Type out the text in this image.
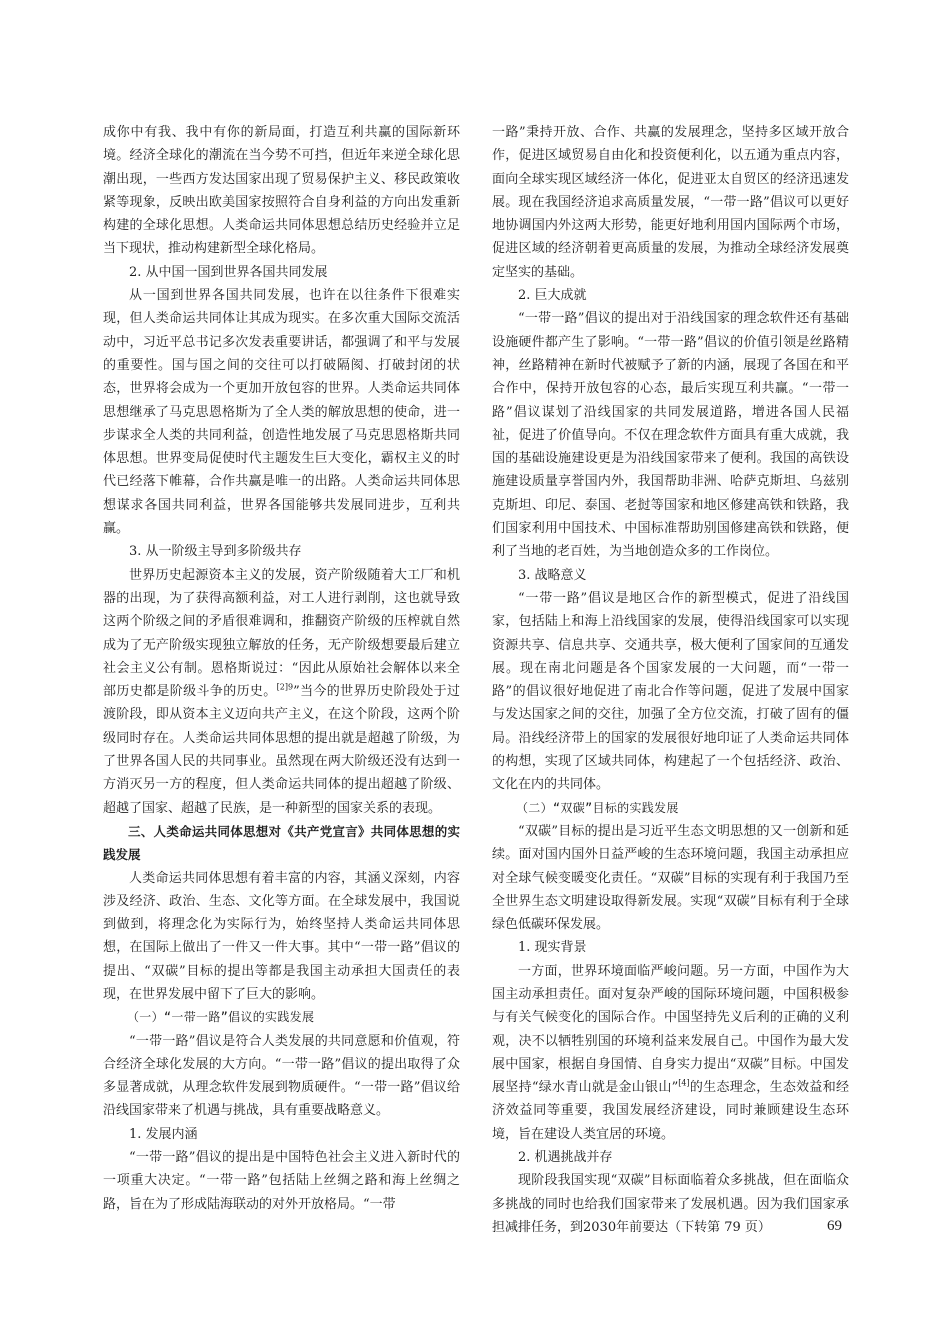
成你中有我、我中有你的新局面，打造互利共赢的国际新环境。经济全球化的潮流在当今势不可挡，但近年来逆全球化思潮出现，一些西方发达国家出现了贸易保护主义、移民政策收紧等现象，反映出欧美国家按照符合自身利益的方向出发重新构建的全球化思想。人类命运共同体思想总结历史经验并立足当下现状，推动构建新型全球化格局。

2. 从中国一国到世界各国共同发展

从一国到世界各国共同发展，也许在以往条件下很难实现，但人类命运共同体让其成为现实。在多次重大国际交流活动中，习近平总书记多次发表重要讲话，都强调了和平与发展的重要性。国与国之间的交往可以打破隔阂、打破封闭的状态，世界将会成为一个更加开放包容的世界。人类命运共同体思想继承了马克思恩格斯为了全人类的解放思想的使命，进一步谋求全人类的共同利益，创造性地发展了马克思恩格斯共同体思想。世界变局促使时代主题发生巨大变化，霸权主义的时代已经落下帷幕，合作共赢是唯一的出路。人类命运共同体思想谋求各国共同利益，世界各国能够共发展同进步，互利共赢。

3. 从一阶级主导到多阶级共存

世界历史起源资本主义的发展，资产阶级随着大工厂和机器的出现，为了获得高额利益，对工人进行剥削，这也就导致这两个阶级之间的矛盾很难调和，推翻资产阶级的压榨就自然成为了无产阶级实现独立解放的任务，无产阶级想要最后建立社会主义公有制。恩格斯说过：“因此从原始社会解体以来全部历史都是阶级斗争的历史。$^{[2]9}$”当今的世界历史阶段处于过渡阶段，即从资本主义迈向共产主义，在这个阶段，这两个阶级同时存在。人类命运共同体思想的提出就是超越了阶级，为了世界各国人民的共同事业。虽然现在两大阶级还没有达到一方消灭另一方的程度，但人类命运共同体的提出超越了阶级、超越了国家、超越了民族，是一种新型的国家关系的表现。

三、人类命运共同体思想对《共产党宣言》共同体思想的实践发展

人类命运共同体思想有着丰富的内容，其涵义深刻，内容涉及经济、政治、生态、文化等方面。在全球发展中，我国说到做到，将理念化为实际行为，始终坚持人类命运共同体思想，在国际上做出了一件又一件大事。其中“一带一路”倡议的提出、“双碳”目标的提出等都是我国主动承担大国责任的表现，在世界发展中留下了巨大的影响。

（一）“一带一路”倡议的实践发展

“一带一路”倡议是符合人类发展的共同意愿和价值观，符合经济全球化发展的大方向。“一带一路”倡议的提出取得了众多显著成就，从理念软件发展到物质硬件。“一带一路”倡议给沿线国家带来了机遇与挑战，具有重要战略意义。

1. 发展内涵

“一带一路”倡议的提出是中国特色社会主义进入新时代的一项重大决定。“一带一路”包括陆上丝绸之路和海上丝绸之路，旨在为了形成陆海联动的对外开放格局。“一带

一路”秉持开放、合作、共赢的发展理念，坚持多区域开放合作，促进区域贸易自由化和投资便利化，以五通为重点内容，面向全球实现区域经济一体化，促进亚太自贸区的经济迅速发展。现在我国经济追求高质量发展，“一带一路”倡议可以更好地协调国内外这两大形势，能更好地利用国内国际两个市场，促进区域的经济朝着更高质量的发展，为推动全球经济发展奠定坚实的基础。

2. 巨大成就

“一带一路”倡议的提出对于沿线国家的理念软件还有基础设施硬件都产生了影响。“一带一路”倡议的价值引领是丝路精神，丝路精神在新时代被赋予了新的内涵，展现了各国在和平合作中，保持开放包容的心态，最后实现互利共赢。“一带一路”倡议谋划了沿线国家的共同发展道路，增进各国人民福祉，促进了价值导向。不仅在理念软件方面具有重大成就，我国的基础设施建设更是为沿线国家带来了便利。我国的高铁设施建设质量享誉国内外，我国帮助非洲、哈萨克斯坦、乌兹别克斯坦、印尼、泰国、老挝等国家和地区修建高铁和铁路，我们国家利用中国技术、中国标准帮助别国修建高铁和铁路，便利了当地的老百姓，为当地创造众多的工作岗位。

3. 战略意义

“一带一路”倡议是地区合作的新型模式，促进了沿线国家，包括陆上和海上沿线国家的发展，使得沿线国家可以实现资源共享、信息共享、交通共享，极大便利了国家间的互通发展。现在南北问题是各个国家发展的一大问题，而“一带一路”的倡议很好地促进了南北合作等问题，促进了发展中国家与发达国家之间的交往，加强了全方位交流，打破了固有的僵局。沿线经济带上的国家的发展很好地印证了人类命运共同体的构想，实现了区域共同体，构建起了一个包括经济、政治、文化在内的共同体。

（二）“双碳”目标的实践发展

“双碳”目标的提出是习近平生态文明思想的又一创新和延续。面对国内国外日益严峻的生态环境问题，我国主动承担应对全球气候变暖变化责任。“双碳”目标的实现有利于我国乃至全世界生态文明建设取得新发展。实现“双碳”目标有利于全球绿色低碳环保发展。

1. 现实背景

一方面，世界环境面临严峻问题。另一方面，中国作为大国主动承担责任。面对复杂严峻的国际环境问题，中国积极参与有关气候变化的国际合作。中国坚持先义后利的正确的义利观，决不以牺牲别国的环境利益来发展自己。中国作为最大发展中国家，根据自身国情、自身实力提出“双碳”目标。中国发展坚持“绿水青山就是金山银山”[4]的生态理念，生态效益和经济效益同等重要，我国发展经济建设，同时兼顾建设生态环境，旨在建设人类宜居的环境。

2. 机遇挑战并存

现阶段我国实现“双碳”目标面临着众多挑战，但在面临众多挑战的同时也给我们国家带来了发展机遇。因为我们国家承担减排任务，到2030年前要达（下转第 79 页）	69
